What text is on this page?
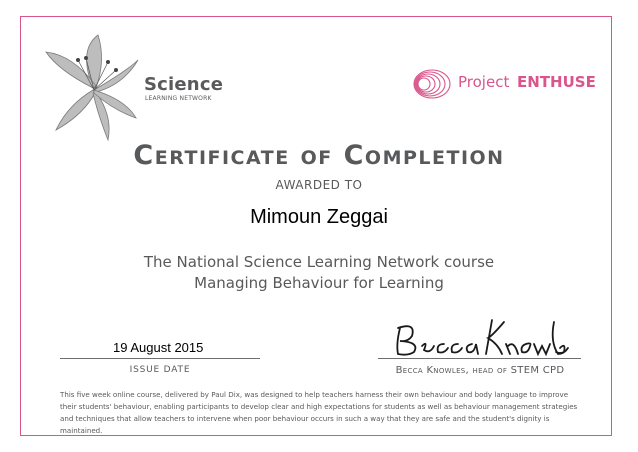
Science
LEARNING NETWORK
Project ENTHUSE
Certificate of Completion
AWARDED TO
Mimoun Zeggai
The National Science Learning Network course
Managing Behaviour for Learning
19 August 2015
ISSUE DATE	Becca Knowles, head of STEM CPD
This five week online course, delivered by Paul Dix, was designed to help teachers harness their own behaviour and body language to improve their students' behaviour, enabling participants to develop clear and high expectations for students as well as behaviour management strategies and techniques that allow teachers to intervene when poor behaviour occurs in such a way that they are safe and the student's dignity is maintained.
